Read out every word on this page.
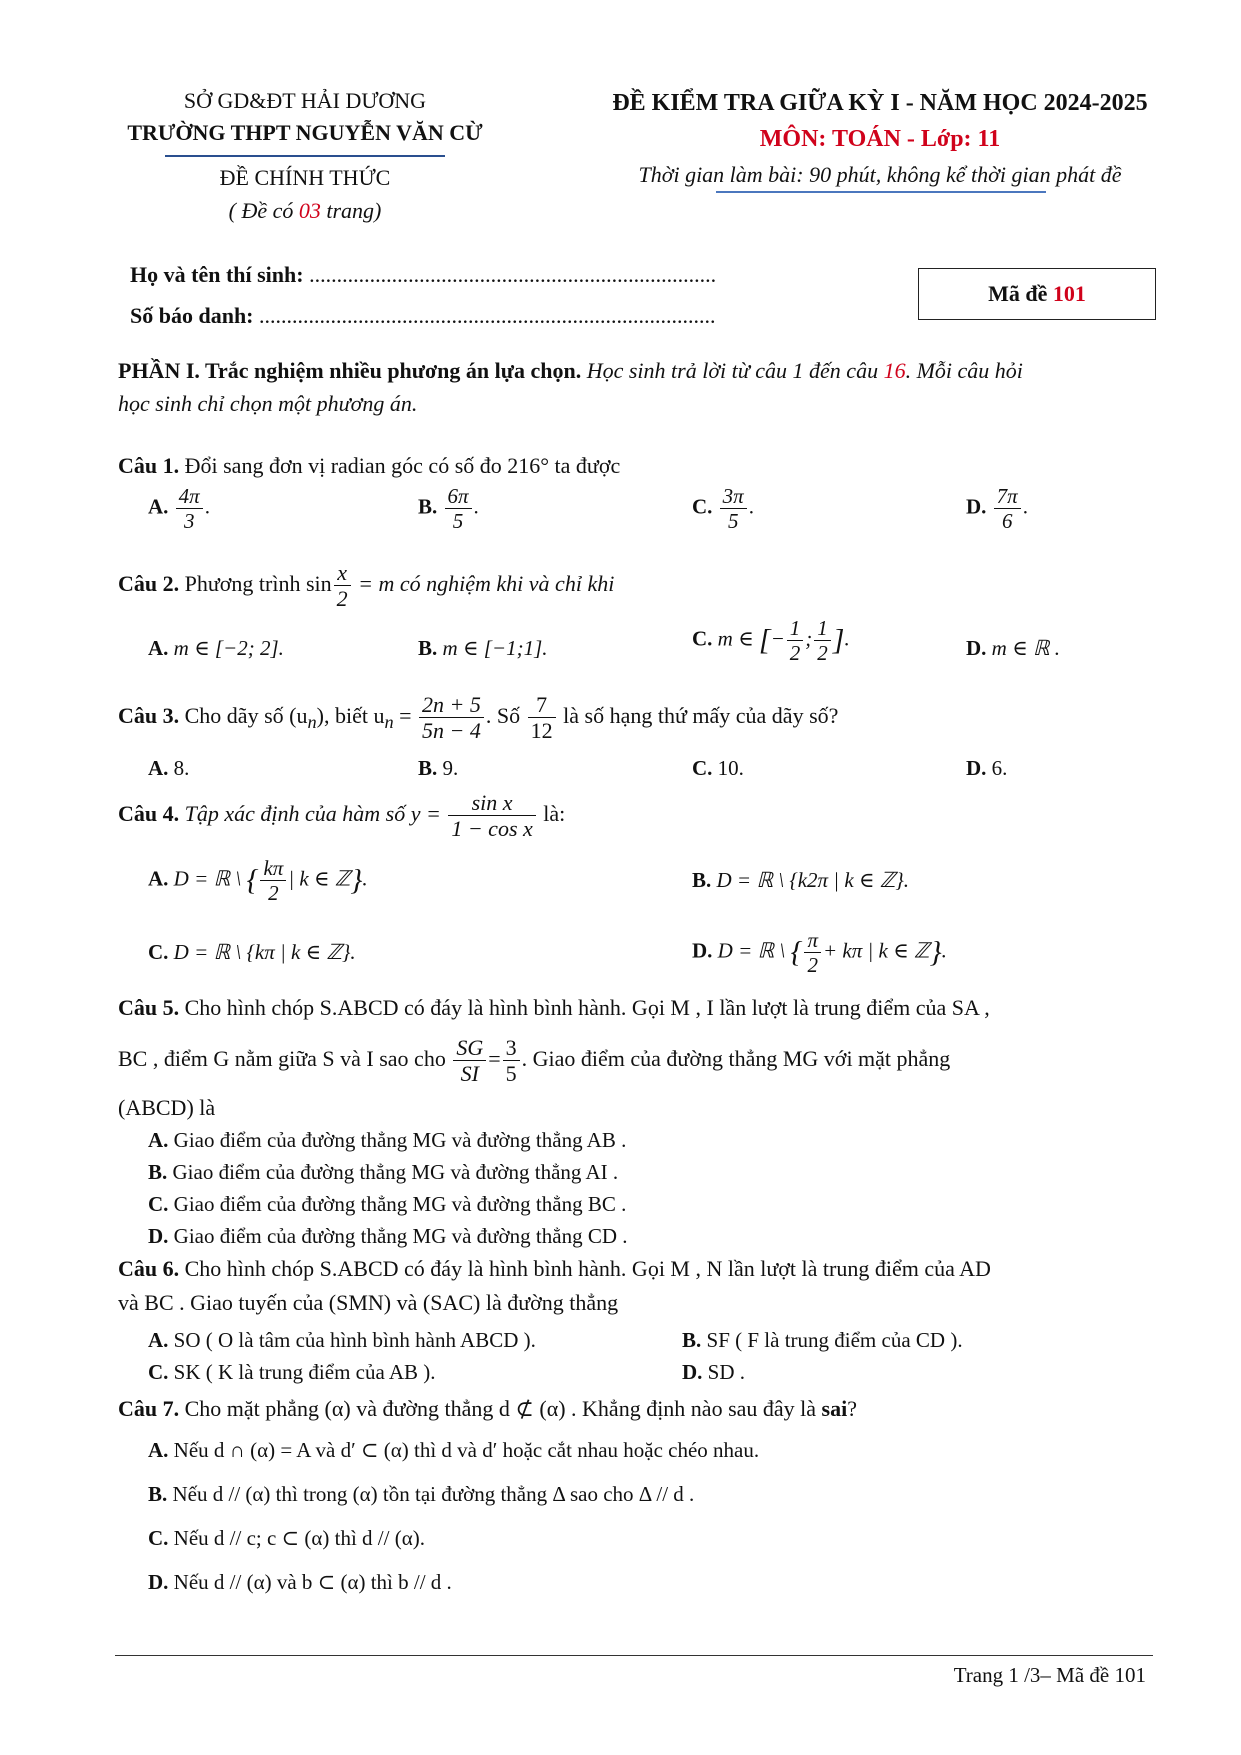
SỞ GD&ĐT HẢI DƯƠNG
TRƯỜNG THPT NGUYỄN VĂN CỪ
ĐỀ CHÍNH THỨC
( Đề có 03 trang)
ĐỀ KIỂM TRA GIỮA KỲ I - NĂM HỌC 2024-2025
MÔN: TOÁN - Lớp: 11
Thời gian làm bài: 90 phút, không kể thời gian phát đề
Họ và tên thí sinh: ..........................................................................
Số báo danh: ...................................................................................
Mã đề
101
PHẦN I. Trắc nghiệm nhiều phương án lựa chọn. Học sinh trả lời từ câu 1 đến câu 16. Mỗi câu hỏi
học sinh chỉ chọn một phương án.
Câu 1. Đổi sang đơn vị radian góc có số đo 216° ta được
A. $\frac{4\pi}{3}$ .	B. $\frac{6\pi}{5}$ .	C. $\frac{3\pi}{5}$ .	D. $\frac{7\pi}{6}$ .
Câu 2. Phương trình $\sin \frac{x}{2} = m$ có nghiệm khi và chỉ khi
A. m ∈ [−2; 2].	B. m ∈ [−1;1].	C. m ∈ [− $\frac{1}{2}$ ; $\frac{1}{2}$ ].	D. m ∈ ℝ .
Câu 3. Cho dãy số $(u_n)$, biết $u_n = \frac{2n + 5}{5n - 4}$ . Số $\frac{7}{12}$ là số hạng thứ mấy của dãy số?
A. 8.	B. 9.	C. 10.	D. 6.
Câu 4. Tập xác định của hàm số $y = \frac{\text{sin x}}{\text{1 − cos x}}$ là:
A. D = ℝ \ { $\frac{k\pi}{2}$ | k ∈ ℤ}.	B. D = ℝ \ {k2π | k ∈ ℤ}.
C. D = ℝ \ {kπ | k ∈ ℤ}.	D. D = ℝ \ { $\frac{\pi}{2} + k\pi$ | k ∈ ℤ}.
Câu 5. Cho hình chóp S.ABCD có đáy là hình bình hành. Gọi M , I lần lượt là trung điểm của SA ,
BC , điểm G nằm giữa S và I sao cho $\frac{SG}{SI} = \frac{3}{5}$ . Giao điểm của đường thẳng MG với mặt phẳng
(ABCD) là
A. Giao điểm của đường thẳng MG và đường thẳng AB .
B. Giao điểm của đường thẳng MG và đường thẳng AI .
C. Giao điểm của đường thẳng MG và đường thẳng BC .
D. Giao điểm của đường thẳng MG và đường thẳng CD .
Câu 6. Cho hình chóp S.ABCD có đáy là hình bình hành. Gọi M , N lần lượt là trung điểm của AD
và BC . Giao tuyến của (SMN) và (SAC) là đường thẳng
A. SO ( O là tâm của hình bình hành ABCD ).	B. SF ( F là trung điểm của CD ).
C. SK ( K là trung điểm của AB ).	D. SD .
Câu 7. Cho mặt phẳng (α) và đường thẳng d ⊄ (α) . Khẳng định nào sau đây là sai?
A. Nếu d ∩ (α) = A và d′ ⊂ (α) thì d và d′ hoặc cắt nhau hoặc chéo nhau.
B. Nếu d // (α) thì trong (α) tồn tại đường thẳng Δ sao cho Δ // d .
C. Nếu d // c; c ⊂ (α) thì d // (α).
D. Nếu d // (α) và b ⊂ (α) thì b // d .
Trang 1 /3– Mã đề 101
